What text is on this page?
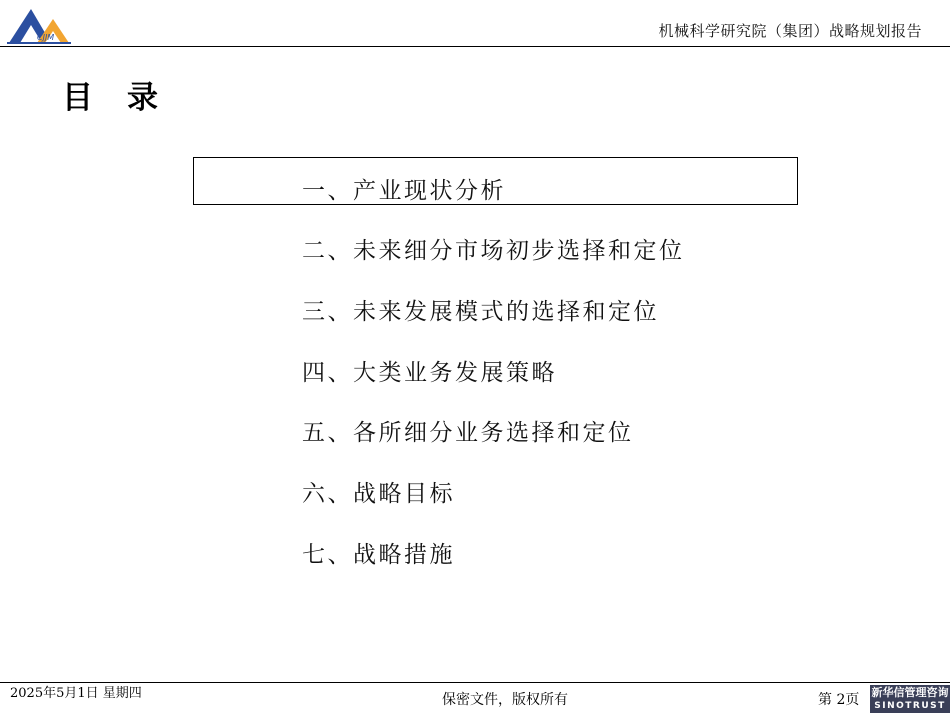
CJJM	机械科学研究院（集团）战略规划报告
目录
一、产业现状分析
二、未来细分市场初步选择和定位
三、未来发展模式的选择和定位
四、大类业务发展策略
五、各所细分业务选择和定位
六、战略目标
七、战略措施
2025年5月1日 星期四	保密文件，版权所有	第 2页 新华信管理咨询
SINOTRUST
